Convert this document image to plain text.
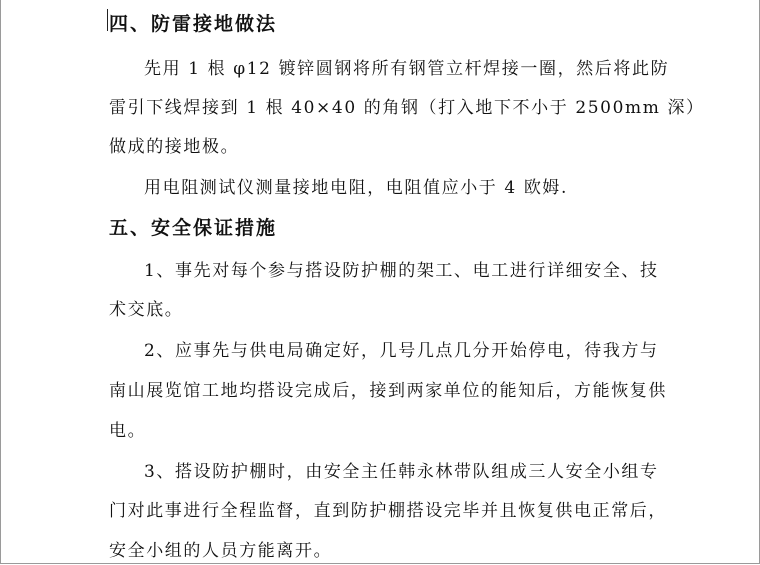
四、防雷接地做法
先用 1 根 φ12 镀锌圆钢将所有钢管立杆焊接一圈，然后将此防
雷引下线焊接到 1 根 40×40 的角钢（打入地下不小于 2500mm 深）
做成的接地极。
用电阻测试仪测量接地电阻，电阻值应小于 4 欧姆.
五、安全保证措施
1、事先对每个参与搭设防护棚的架工、电工进行详细安全、技
术交底。
2、应事先与供电局确定好，几号几点几分开始停电，待我方与
南山展览馆工地均搭设完成后，接到两家单位的能知后，方能恢复供
电。
3、搭设防护棚时，由安全主任韩永林带队组成三人安全小组专
门对此事进行全程监督，直到防护棚搭设完毕并且恢复供电正常后，
安全小组的人员方能离开。
